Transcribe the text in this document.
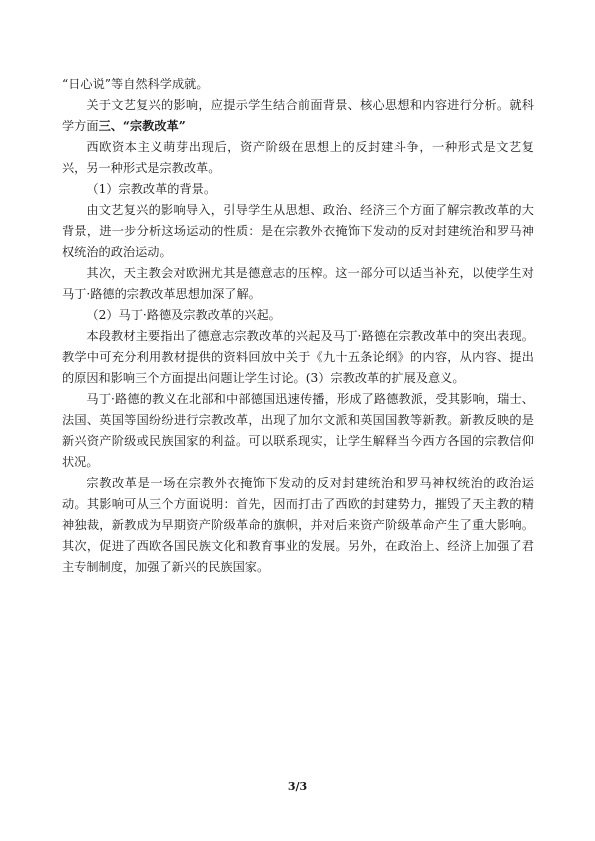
“日心说”等自然科学成就。

关于文艺复兴的影响，应提示学生结合前面背景、核心思想和内容进行分析。就科学方面三、“宗教改革”

西欧资本主义萌芽出现后，资产阶级在思想上的反封建斗争，一种形式是文艺复兴，另一种形式是宗教改革。

（1）宗教改革的背景。

由文艺复兴的影响导入，引导学生从思想、政治、经济三个方面了解宗教改革的大背景，进一步分析这场运动的性质：是在宗教外衣掩饰下发动的反对封建统治和罗马神权统治的政治运动。

其次，天主教会对欧洲尤其是德意志的压榨。这一部分可以适当补充，以使学生对马丁·路德的宗教改革思想加深了解。

（2）马丁·路德及宗教改革的兴起。

本段教材主要指出了德意志宗教改革的兴起及马丁·路德在宗教改革中的突出表现。教学中可充分利用教材提供的资料回放中关于《九十五条论纲》的内容，从内容、提出的原因和影响三个方面提出问题让学生讨论。(3）宗教改革的扩展及意义。

马丁·路德的教义在北部和中部德国迅速传播，形成了路德教派，受其影响，瑞士、法国、英国等国纷纷进行宗教改革，出现了加尔文派和英国国教等新教。新教反映的是新兴资产阶级或民族国家的利益。可以联系现实，让学生解释当今西方各国的宗教信仰状况。

宗教改革是一场在宗教外衣掩饰下发动的反对封建统治和罗马神权统治的政治运动。其影响可从三个方面说明：首先，因而打击了西欧的封建势力，摧毁了天主教的精神独裁，新教成为早期资产阶级革命的旗帜，并对后来资产阶级革命产生了重大影响。其次，促进了西欧各国民族文化和教育事业的发展。另外，在政治上、经济上加强了君主专制制度，加强了新兴的民族国家。

3/3
